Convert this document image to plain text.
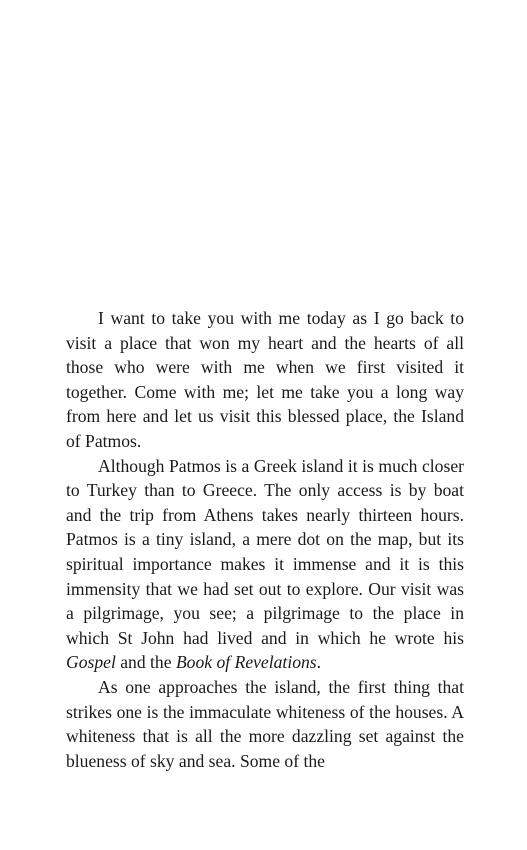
I want to take you with me today as I go back to visit a place that won my heart and the hearts of all those who were with me when we first visited it together. Come with me; let me take you a long way from here and let us visit this blessed place, the Island of Patmos.

Although Patmos is a Greek island it is much closer to Turkey than to Greece. The only access is by boat and the trip from Athens takes nearly thirteen hours. Patmos is a tiny island, a mere dot on the map, but its spiritual importance makes it immense and it is this immensity that we had set out to explore. Our visit was a pilgrimage, you see; a pilgrimage to the place in which St John had lived and in which he wrote his Gospel and the Book of Revelations.

As one approaches the island, the first thing that strikes one is the immaculate whiteness of the houses. A whiteness that is all the more dazzling set against the blueness of sky and sea. Some of the
